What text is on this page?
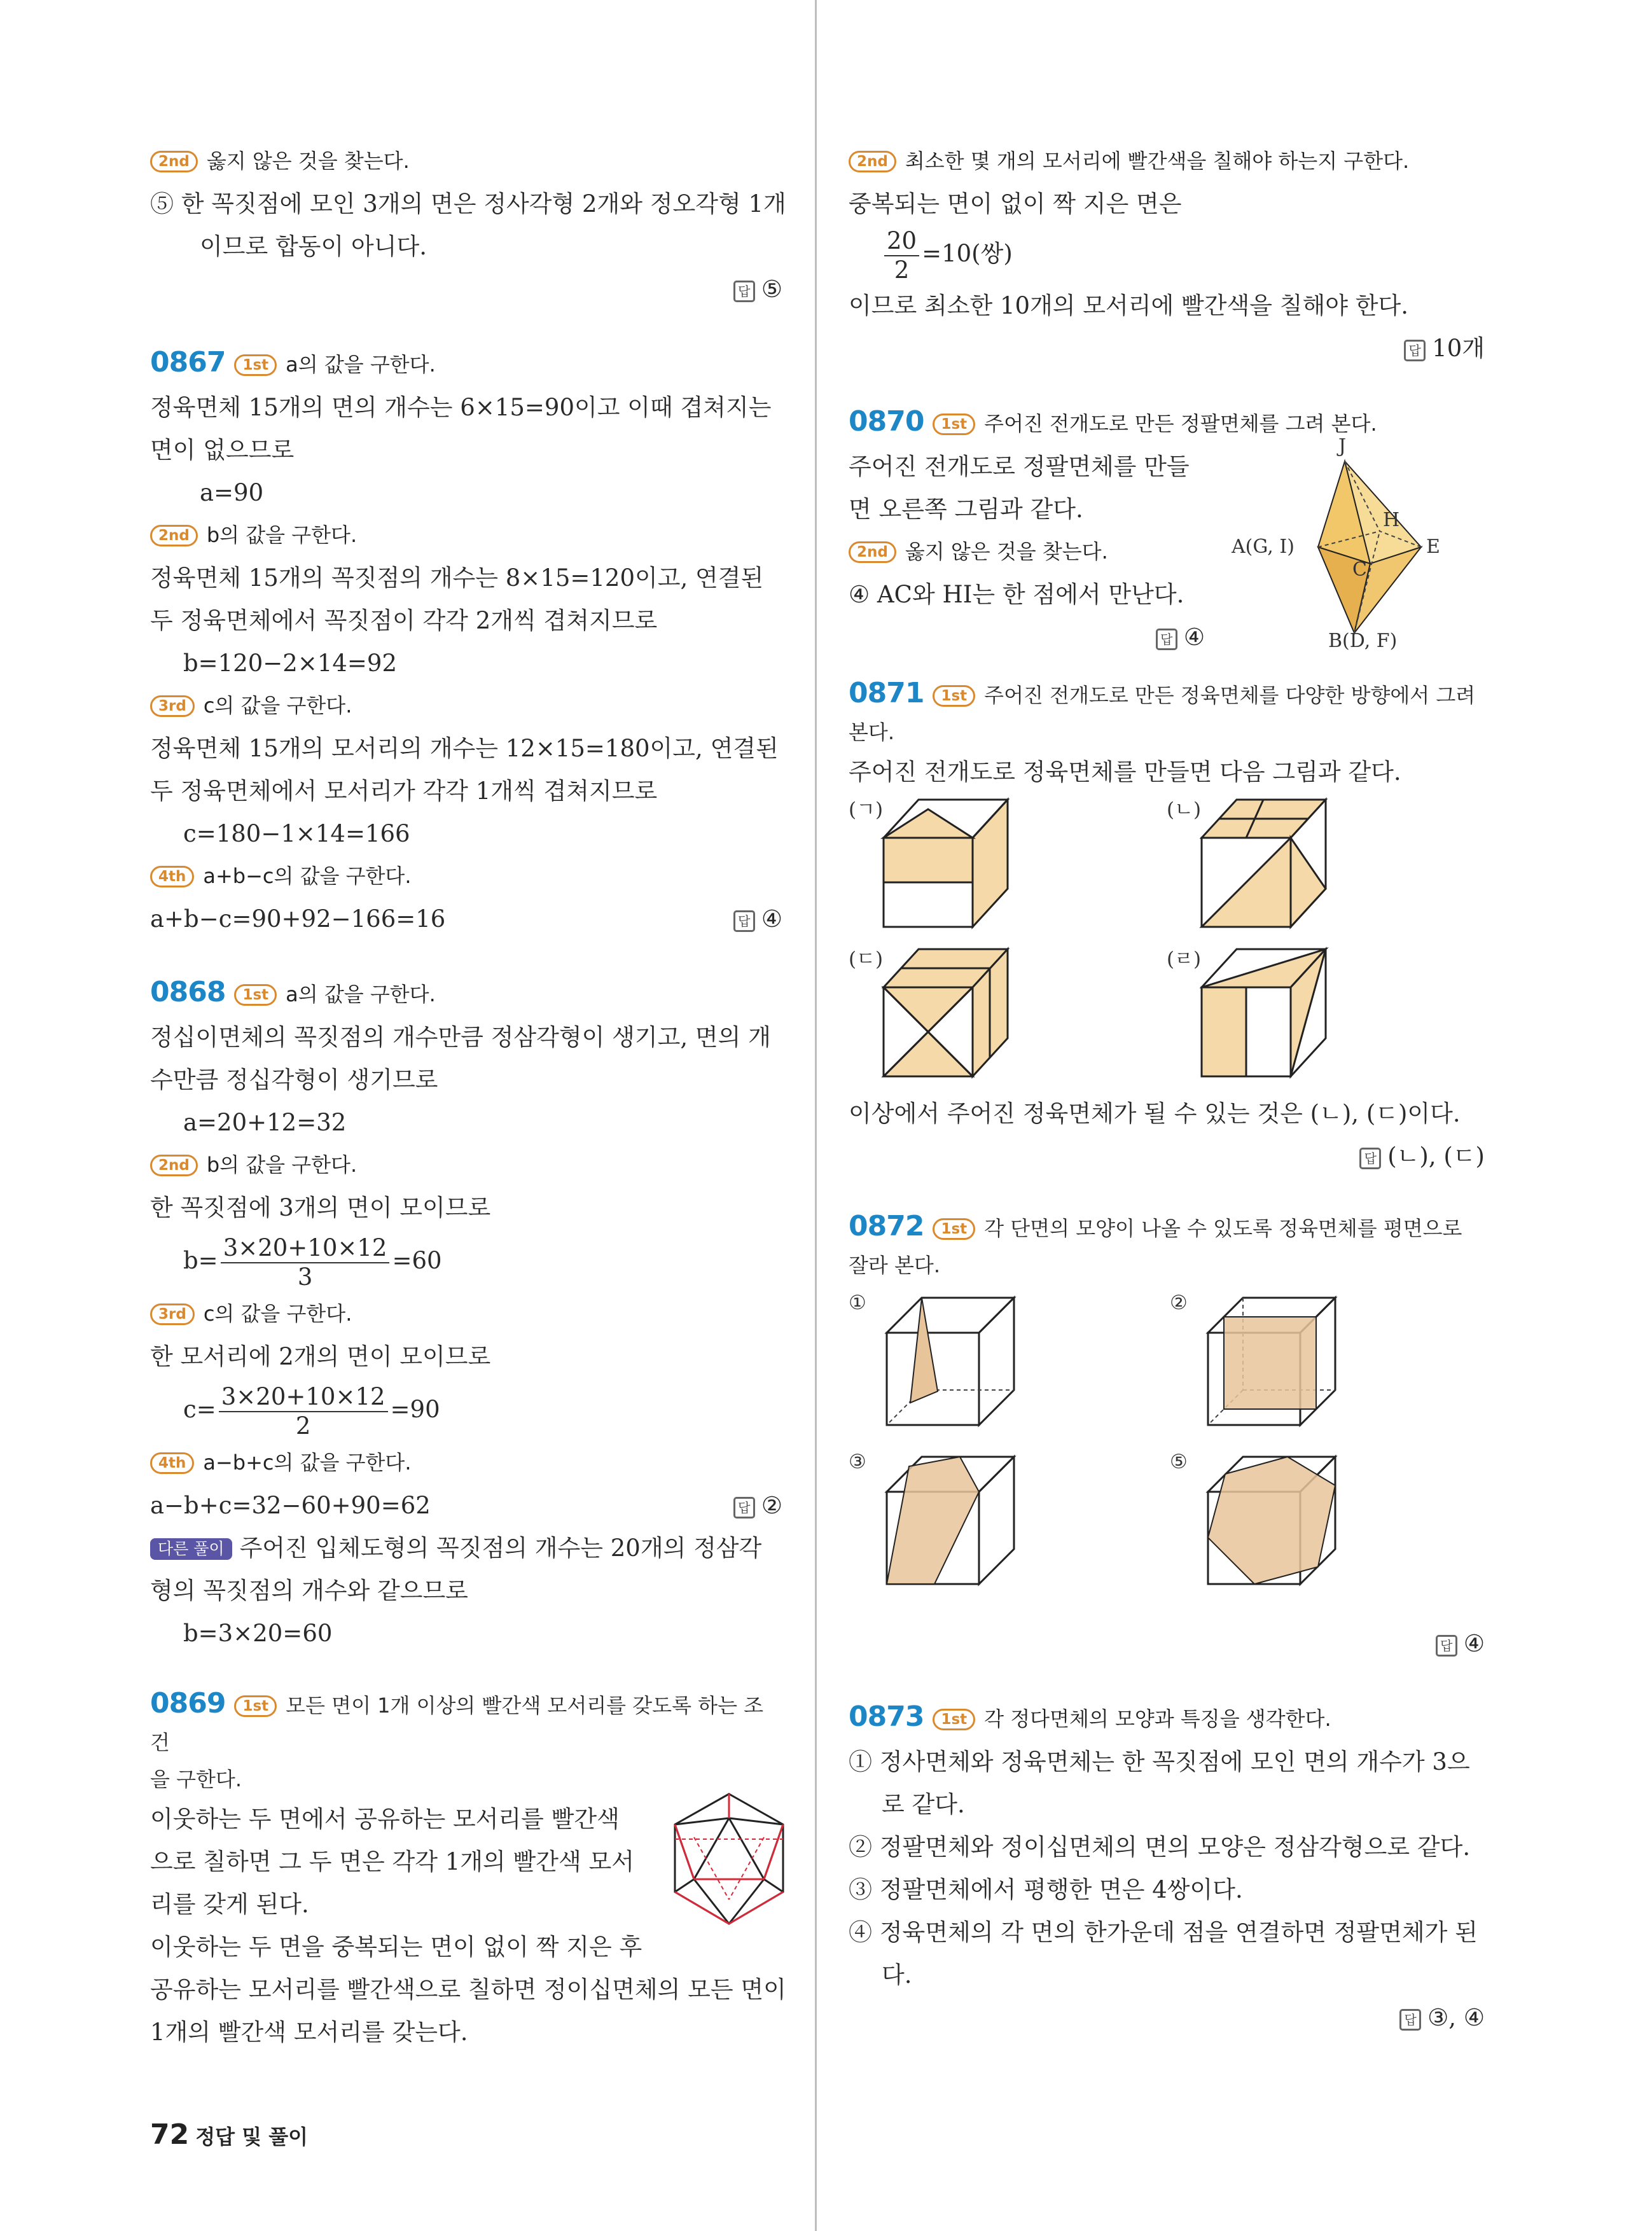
2nd 옳지 않은 것을 찾는다.
⑤ 한 꼭짓점에 모인 3개의 면은 정사각형 2개와 정오각형 1개
이므로 합동이 아니다.
답 ⑤
0867 1st a의 값을 구한다.
정육면체 15개의 면의 개수는 6×15=90이고 이때 겹쳐지는
면이 없으므로
a=90
2nd b의 값을 구한다.
정육면체 15개의 꼭짓점의 개수는 8×15=120이고, 연결된
두 정육면체에서 꼭짓점이 각각 2개씩 겹쳐지므로
b=120−2×14=92
3rd c의 값을 구한다.
정육면체 15개의 모서리의 개수는 12×15=180이고, 연결된
두 정육면체에서 모서리가 각각 1개씩 겹쳐지므로
c=180−1×14=166
4th a+b−c의 값을 구한다.
a+b−c=90+92−166=16	답 ④
0868 1st a의 값을 구한다.
정십이면체의 꼭짓점의 개수만큼 정삼각형이 생기고, 면의 개
수만큼 정십각형이 생기므로
a=20+12=32
2nd b의 값을 구한다.
한 꼭짓점에 3개의 면이 모이므로
$b= \frac{3\times 20+10\times 12}{3} =60$
3rd c의 값을 구한다.
한 모서리에 2개의 면이 모이므로
$c= \frac{3\times 20+10\times 12}{2} =90$
4th a−b+c의 값을 구한다.
a−b+c=32−60+90=62	답 ②
다른 풀이 주어진 입체도형의 꼭짓점의 개수는 20개의 정삼각
형의 꼭짓점의 개수와 같으므로
b=3×20=60
0869 1st 모든 면이 1개 이상의 빨간색 모서리를 갖도록 하는 조건
을 구한다.
이웃하는 두 면에서 공유하는 모서리를 빨간색
으로 칠하면 그 두 면은 각각 1개의 빨간색 모서
리를 갖게 된다.
이웃하는 두 면을 중복되는 면이 없이 짝 지은 후
공유하는 모서리를 빨간색으로 칠하면 정이십면체의 모든 면이
1개의 빨간색 모서리를 갖는다.
2nd 최소한 몇 개의 모서리에 빨간색을 칠해야 하는지 구한다.
중복되는 면이 없이 짝 지은 면은
$\frac{20}{2} =10$(쌍)
이므로 최소한 10개의 모서리에 빨간색을 칠해야 한다.
답 10개
0870 1st 주어진 전개도로 만든 정팔면체를 그려 본다.
주어진 전개도로 정팔면체를 만들
면 오른쪽 그림과 같다.
2nd 옳지 않은 것을 찾는다.
④ AC와 HI는 한 점에서 만난다.
답 ④
J
H
A(G, I)	E
C
B(D, F)
0871 1st 주어진 전개도로 만든 정육면체를 다양한 방향에서 그려
본다.
주어진 전개도로 정육면체를 만들면 다음 그림과 같다.
(ㄱ)	(ㄴ)
(ㄷ)	(ㄹ)
이상에서 주어진 정육면체가 될 수 있는 것은 (ㄴ), (ㄷ)이다.
답 (ㄴ), (ㄷ)
0872 1st 각 단면의 모양이 나올 수 있도록 정육면체를 평면으로
잘라 본다.
①	②
③	⑤
답 ④
0873 1st 각 정다면체의 모양과 특징을 생각한다.
① 정사면체와 정육면체는 한 꼭짓점에 모인 면의 개수가 3으
로 같다.
② 정팔면체와 정이십면체의 면의 모양은 정삼각형으로 같다.
③ 정팔면체에서 평행한 면은 4쌍이다.
④ 정육면체의 각 면의 한가운데 점을 연결하면 정팔면체가 된
다.
답 ③, ④
72 정답 및 풀이
